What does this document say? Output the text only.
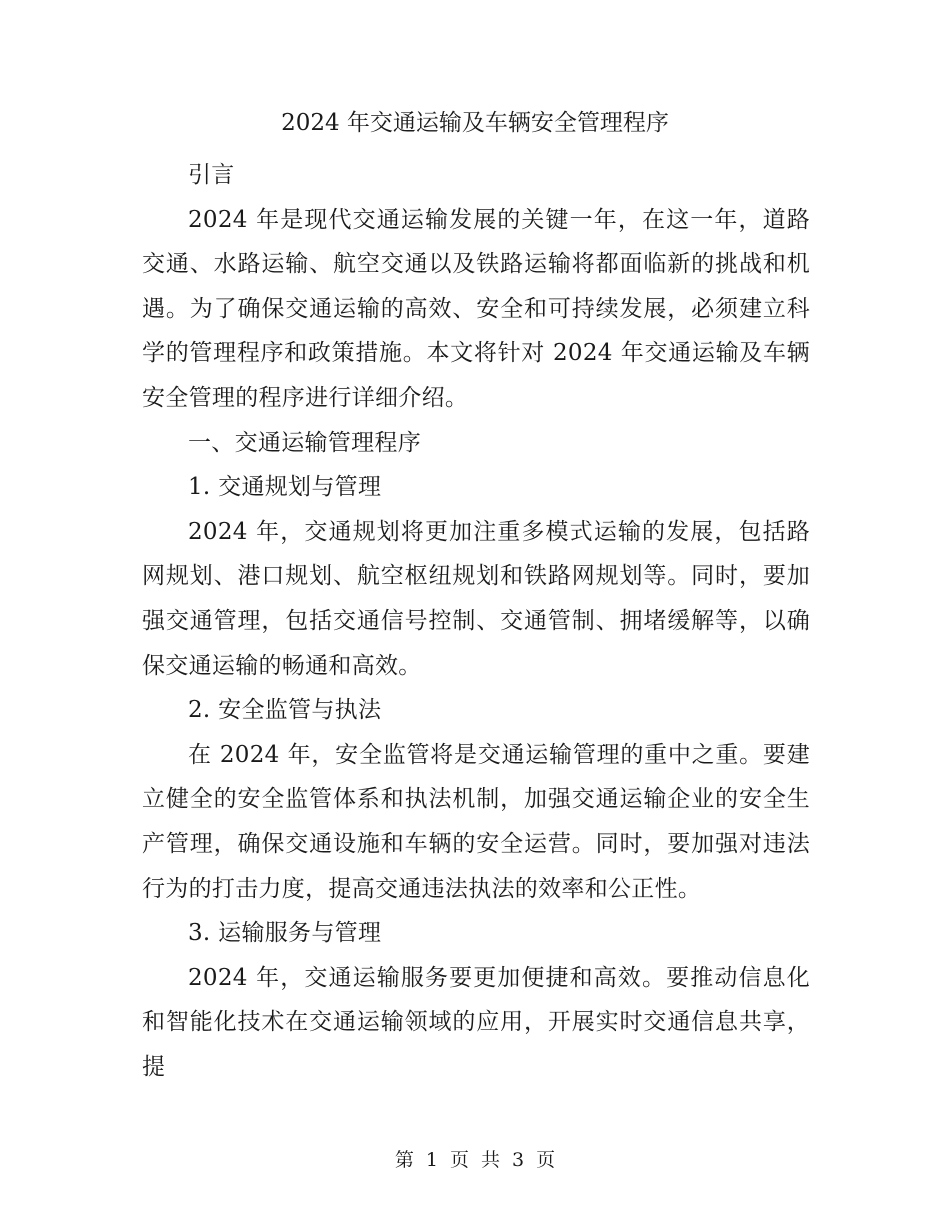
2024 年交通运输及车辆安全管理程序

引言

2024 年是现代交通运输发展的关键一年，在这一年，道路交通、水路运输、航空交通以及铁路运输将都面临新的挑战和机遇。为了确保交通运输的高效、安全和可持续发展，必须建立科学的管理程序和政策措施。本文将针对 2024 年交通运输及车辆安全管理的程序进行详细介绍。

一、交通运输管理程序

1. 交通规划与管理

2024 年，交通规划将更加注重多模式运输的发展，包括路网规划、港口规划、航空枢纽规划和铁路网规划等。同时，要加强交通管理，包括交通信号控制、交通管制、拥堵缓解等，以确保交通运输的畅通和高效。

2. 安全监管与执法

在 2024 年，安全监管将是交通运输管理的重中之重。要建立健全的安全监管体系和执法机制，加强交通运输企业的安全生产管理，确保交通设施和车辆的安全运营。同时，要加强对违法行为的打击力度，提高交通违法执法的效率和公正性。

3. 运输服务与管理

2024 年，交通运输服务要更加便捷和高效。要推动信息化和智能化技术在交通运输领域的应用，开展实时交通信息共享，提

第 1 页 共 3 页
